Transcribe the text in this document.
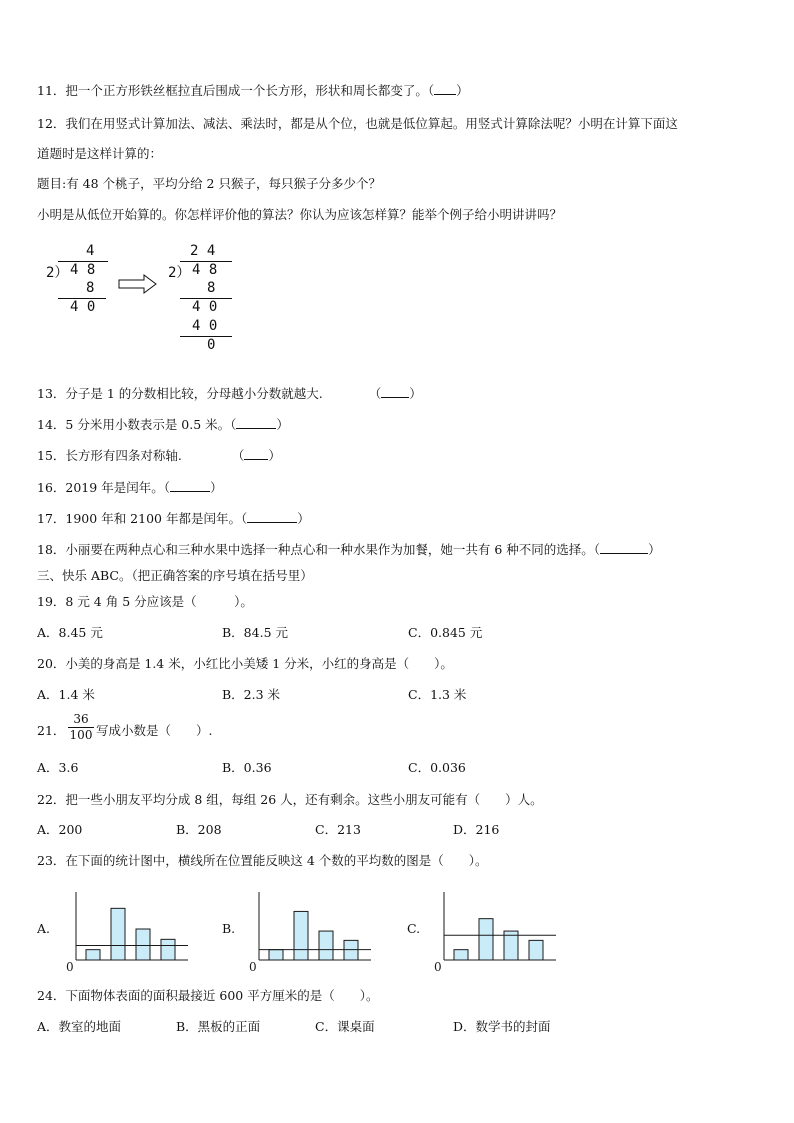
11．把一个正方形铁丝框拉直后围成一个长方形，形状和周长都变了。（ ）
12．我们在用竖式计算加法、减法、乘法时，都是从个位，也就是低位算起。用竖式计算除法呢？小明在计算下面这
道题时是这样计算的：
题目:有 48 个桃子，平均分给 2 只猴子，每只猴子分多少个？
小明是从低位开始算的。你怎样评价他的算法？你认为应该怎样算？能举个例子给小明讲讲吗？
4
2） 4 8
8
4 0
2 4
2） 4 8
8
4 0
4 0
0
13．分子是 1 的分数相比较，分母越小分数就越大.	（ ）
14．5 分米用小数表示是 0.5 米。（	）
15．长方形有四条对称轴.	（ ）
16．2019 年是闰年。（	）
17．1900 年和 2100 年都是闰年。（	）
18．小丽要在两种点心和三种水果中选择一种点心和一种水果作为加餐，她一共有 6 种不同的选择。（	）
三、快乐 ABC。（把正确答案的序号填在括号里）
19．8 元 4 角 5 分应该是（　　　）。
A．8.45 元	B．84.5 元	C．0.845 元
20．小美的身高是 1.4 米，小红比小美矮 1 分米，小红的身高是（　　）。
A．1.4 米	B．2.3 米	C．1.3 米
21． $\frac{36}{100}$ 写成小数是（　　）.
A．3.6	B．0.36	C．0.036
22．把一些小朋友平均分成 8 组，每组 26 人，还有剩余。这些小朋友可能有（　　）人。
A．200	B．208	C．213	D．216
23．在下面的统计图中，横线所在位置能反映这 4 个数的平均数的图是（　　）。
A.	B.	C.
0	0	0
24．下面物体表面的面积最接近 600 平方厘米的是（　　）。
A．教室的地面	B．黑板的正面	C．课桌面	D．数学书的封面
